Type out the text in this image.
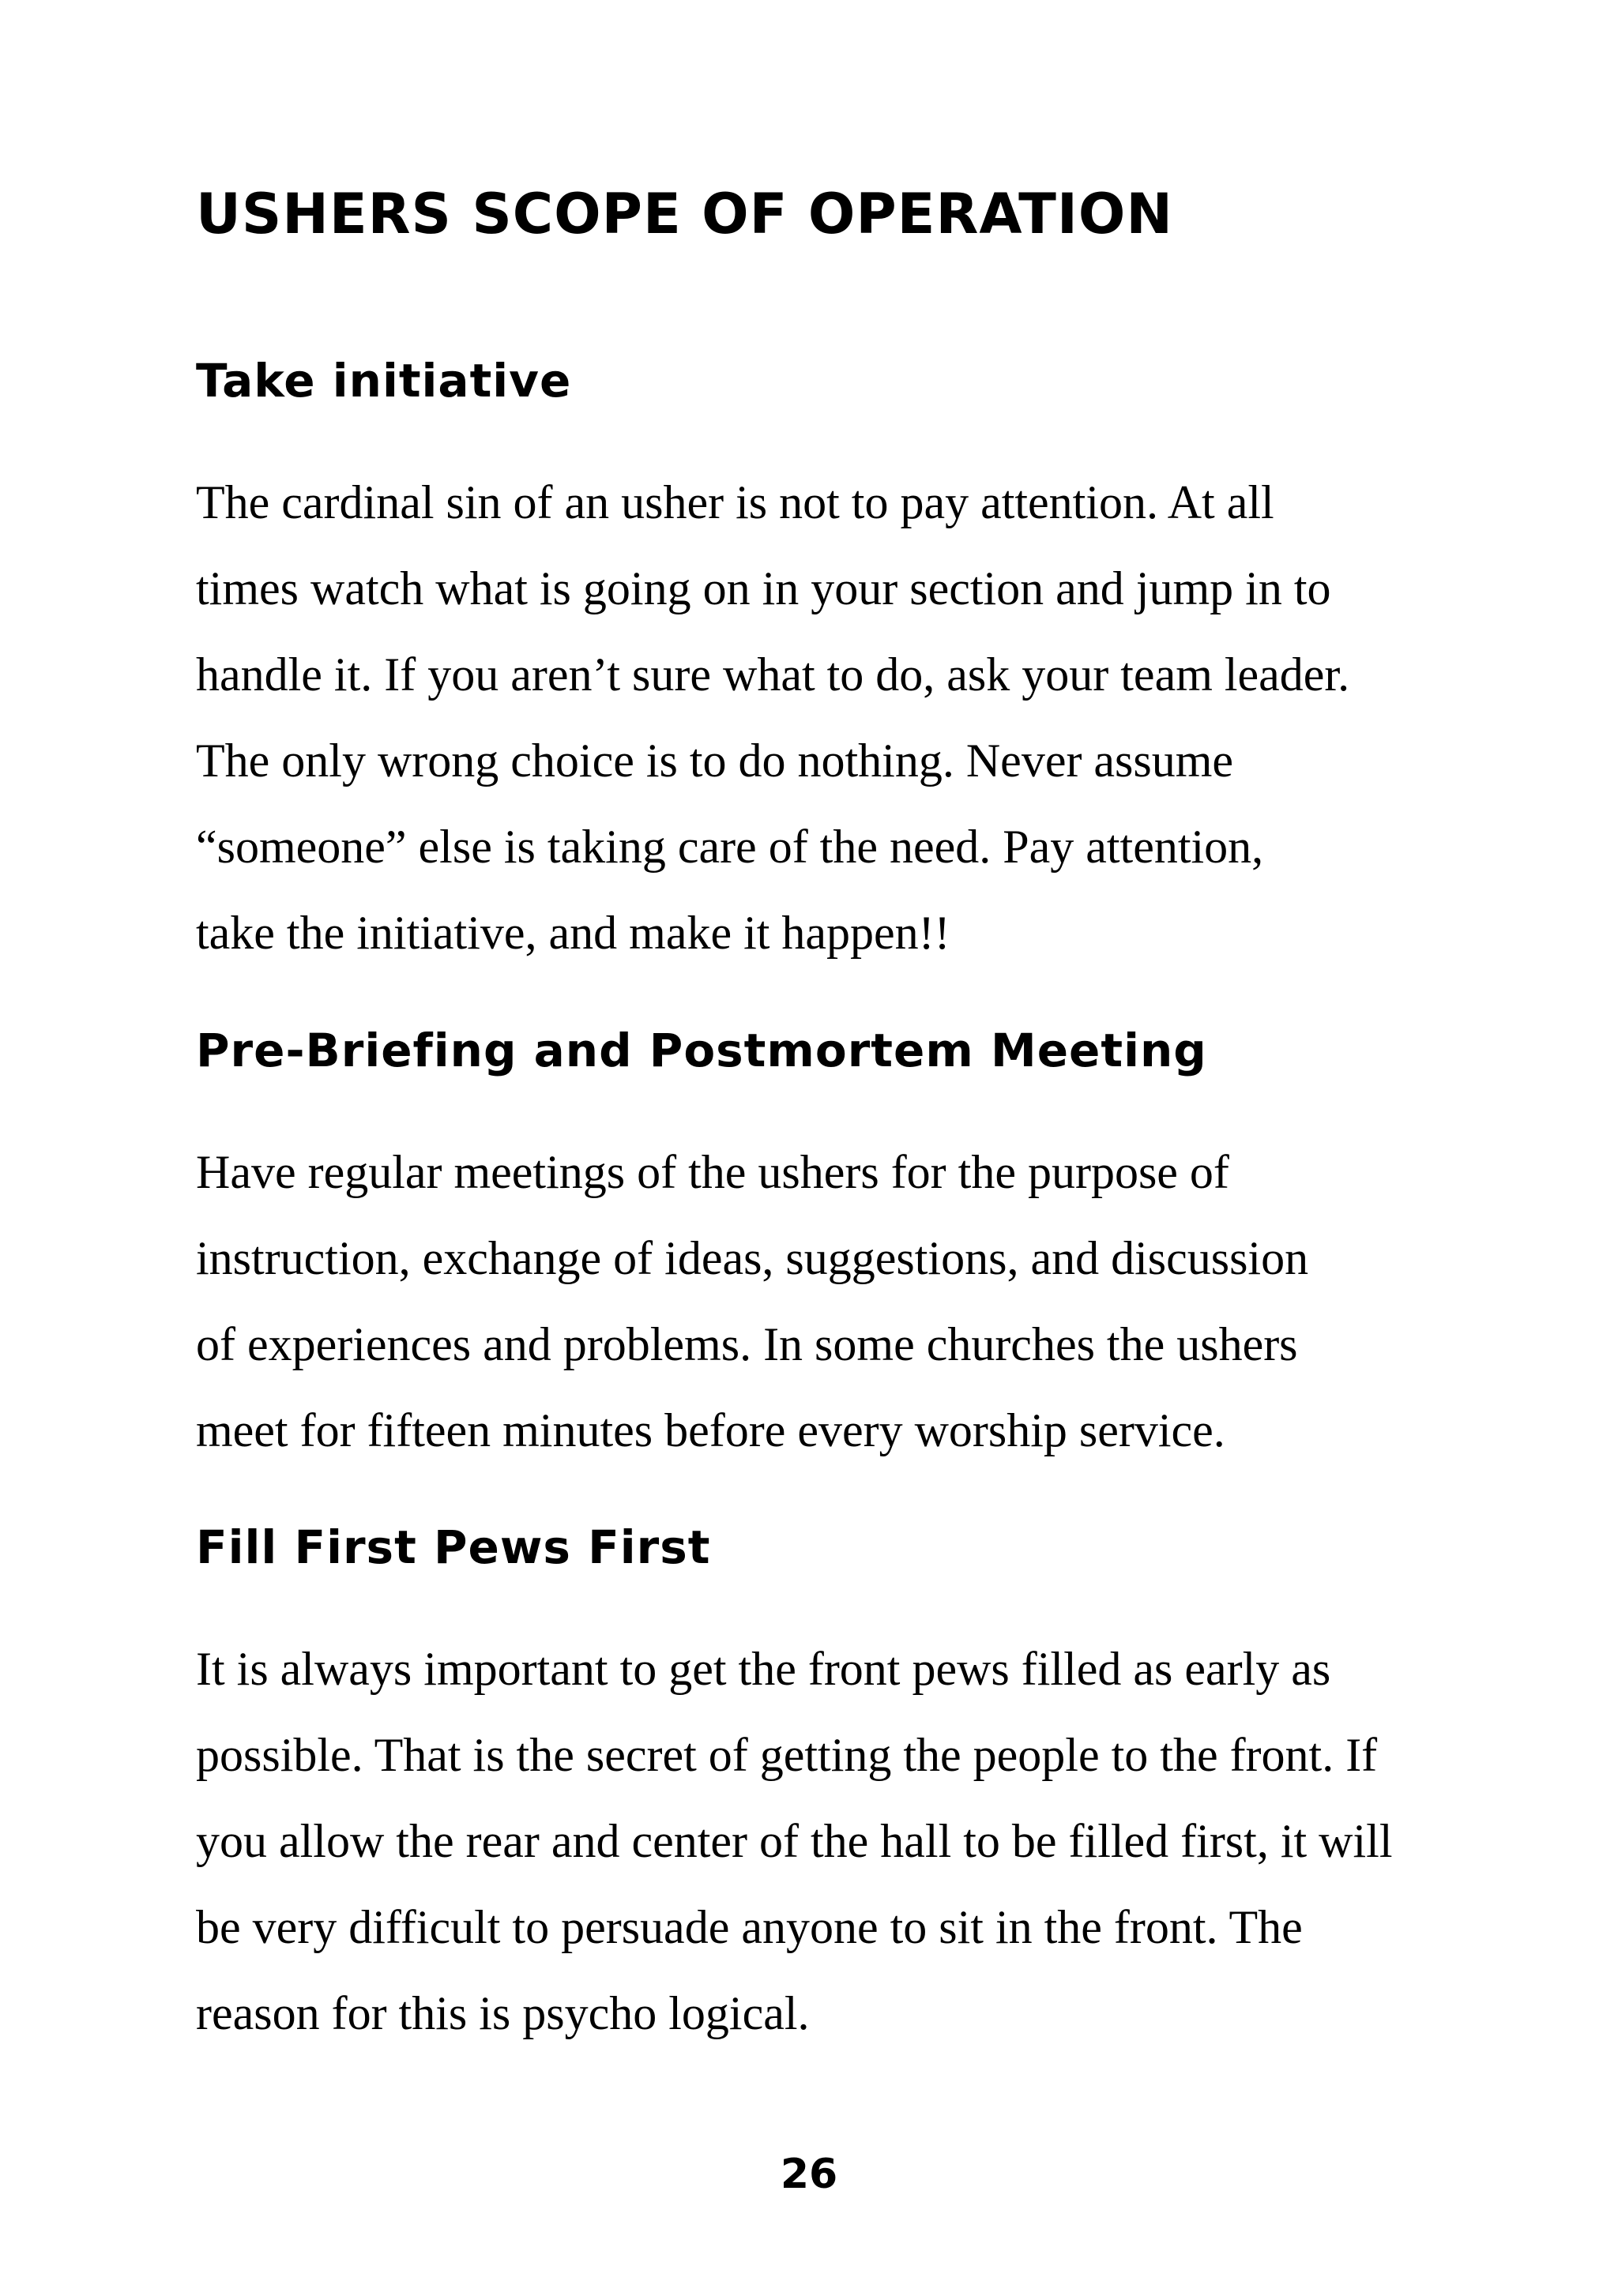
USHERS SCOPE OF OPERATION
Take initiative

The cardinal sin of an usher is not to pay attention. At all
times watch what is going on in your section and jump in to
handle it. If you aren’t sure what to do, ask your team leader.
The only wrong choice is to do nothing. Never assume
“someone” else is taking care of the need. Pay attention,
take the initiative, and make it happen!!

Pre-Briefing and Postmortem Meeting

Have regular meetings of the ushers for the purpose of
instruction, exchange of ideas, suggestions, and discussion
of experiences and problems. In some churches the ushers
meet for fifteen minutes before every worship service.

Fill First Pews First

It is always important to get the front pews filled as early as
possible. That is the secret of getting the people to the front. If
you allow the rear and center of the hall to be filled first, it will
be very difficult to persuade anyone to sit in the front. The
reason for this is psycho logical.

26
